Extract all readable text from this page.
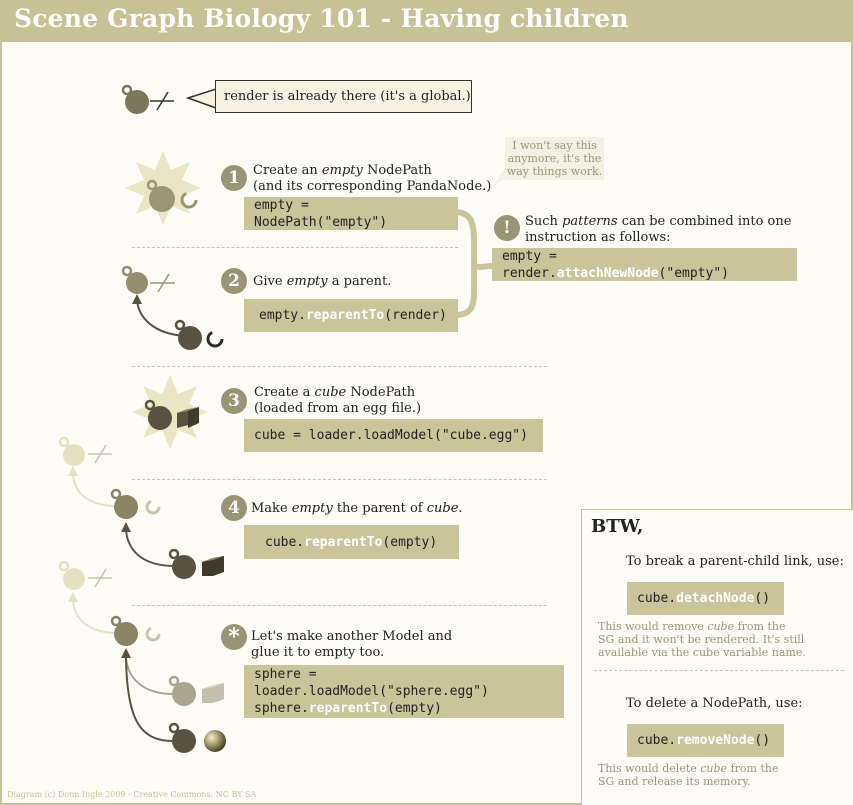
Scene Graph Biology 101 - Having children
render is already there (it's a global.)
I won't say this
anymore, it's the
way things work.
1	Create an empty NodePath
(and its corresponding PandaNode.)
empty = NodePath("empty")
2	Give empty a parent.
empty.reparentTo(render)
!	Such patterns can be combined into one
instruction as follows:
empty = render.attachNewNode("empty")
3	Create a cube NodePath
(loaded from an egg file.)
cube = loader.loadModel("cube.egg")
4 Make empty the parent of cube.
cube.reparentTo(empty)
* Let's make another Model and
glue it to empty too.
sphere = loader.loadModel("sphere.egg")
sphere.reparentTo(empty)
BTW,
To break a parent-child link, use:
cube.detachNode()
This would remove cube from the
SG and it won't be rendered. It's still
available via the cube variable name.
To delete a NodePath, use:
cube.removeNode()
This would delete cube from the
SG and release its memory.
Diagram (c) Donn Ingle 2009 - Creative Commons: NC BY SA
